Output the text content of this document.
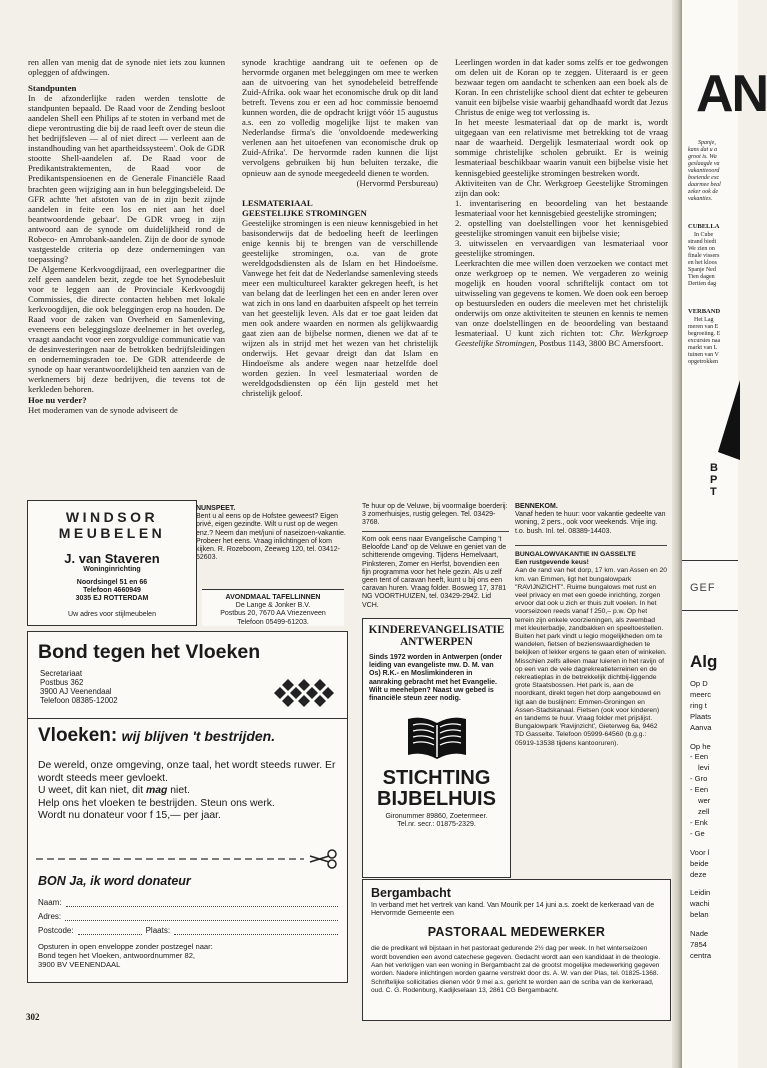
ren allen van menig dat de synode niet iets zou kunnen opleggen of afdwingen.

Standpunten

In de afzonderlijke raden werden tenslotte de standpunten bepaald. De Raad voor de Zending besloot aandelen Shell een Philips af te stoten in verband met de diepe verontrusting die bij de raad leeft over de steun die het bedrijfsleven — al of niet direct — verleent aan de instandhouding van het apartheidssysteem'. Ook de GDR stootte Shell-aandelen af. De Raad voor de Predikantstraktementen, de Raad voor de Predikantspensioenen en de Generale Financiële Raad brachten geen wijziging aan in hun beleggingsbeleid. De GFR achtte 'het afstoten van de in zijn bezit zijnde aandelen in feite een los en niet aan het doel beantwoordende gebaar'. De GDR vroeg in zijn antwoord aan de synode om duidelijkheid rond de Robeco- en Amrobank-aandelen. Zijn de door de synode vastgestelde criteria op deze ondernemingen van toepassing?

De Algemene Kerkvoogdijraad, een overlegpartner die zelf geen aandelen bezit, zegde toe het Synodebesluit voor te leggen aan de Provinciale Kerkvoogdij Commissies, die directe contacten hebben met lokale kerkvoogdijen, die ook beleggingen erop na houden. De Raad voor de zaken van Overheid en Samenleving, eveneens een beleggingsloze deelnemer in het overleg, vraagt aandacht voor een zorgvuldige communicatie van de desinvesteringen naar de betrokken bedrijfsleidingen en ondernemingsraden toe. De GDR attendeerde de synode op haar verantwoordelijkheid ten aanzien van de werknemers bij deze bedrijven, die tevens tot de kerkleden behoren.

Hoe nu verder?

Het moderamen van de synode adviseert de

synode krachtige aandrang uit te oefenen op de hervormde organen met beleggingen om mee te werken aan de uitvoering van het synodebeleid betreffende Zuid-Afrika. ook waar het economische druk op dit land betreft. Tevens zou er een ad hoc commissie benoemd kunnen worden, die de opdracht krijgt vóór 15 augustus a.s. een zo volledig mogelijke lijst te maken van Nederlandse firma's die 'onvoldoende medewerking verlenen aan het uitoefenen van economische druk op Zuid-Afrika'. De hervormde raden kunnen die lijst vervolgens gebruiken bij hun beluiten terzake, die opnieuw aan de synode meegedeeld dienen te worden.

(Hervormd Persbureau)

LESMATERIAAL
GEESTELIJKE STROMINGEN

Geestelijke stromingen is een nieuw kennisgebied in het basisonderwijs dat de bedoeling heeft de leerlingen enige kennis bij te brengen van de verschillende geestelijke stromingen, o.a. van de grote wereldgodsdiensten als de Islam en het Hindoeïsme. Vanwege het feit dat de Nederlandse samenleving steeds meer een multicultureel karakter gekregen heeft, is het van belang dat de leerlingen het een en ander leren over wat zich in ons land en daarbuiten afspeelt op het terrein van het geestelijk leven. Als dat er toe gaat leiden dat men ook andere waarden en normen als gelijkwaardig gaat zien aan de bijbelse normen, dienen we dat af te wijzen als in strijd met het wezen van het christelijk onderwijs. Het gevaar dreigt dan dat Islam en Hindoeïsme als andere wegen naar hetzelfde doel worden gezien. In veel lesmateriaal worden de wereldgodsdiensten op één lijn gesteld met het christelijk geloof.

Leerlingen worden in dat kader soms zelfs er toe gedwongen om delen uit de Koran op te zeggen. Uiteraard is er geen bezwaar tegen om aandacht te schenken aan een boek als de Koran. In een christelijke school dient dat echter te gebeuren vanuit een bijbelse visie waarbij gehandhaafd wordt dat Jezus Christus de enige weg tot verlossing is.

In het meeste lesmateriaal dat op de markt is, wordt uitgegaan van een relativisme met betrekking tot de vraag naar de waarheid. Dergelijk lesmateriaal wordt ook op sommige christelijke scholen gebruikt. Er is weinig lesmateriaal beschikbaar waarin vanuit een bijbelse visie het kennisgebied geestelijke stromingen bestreken wordt.

Aktiviteiten van de Chr. Werkgroep Geestelijke Stromingen zijn dan ook:

1. inventarisering en beoordeling van het bestaande lesmateriaal voor het kennisgebied geestelijke stromingen;

2. opstelling van doelstellingen voor het kennisgebied geestelijke stromingen vanuit een bijbelse visie;

3. uitwisselen en vervaardigen van lesmateriaal voor geestelijke stromingen.

Leerkrachten die mee willen doen verzoeken we contact met onze werkgroep op te nemen. We vergaderen zo weinig mogelijk en houden vooral schriftelijk contact om tot uitwisseling van gegevens te komen. We doen ook een beroep op bestuursleden en ouders die meeleven met het christelijk onderwijs om onze aktiviteiten te steunen en kennis te nemen van onze doelstellingen en de beoordeling van bestaand lesmateriaal. U kunt zich richten tot: Chr. Werkgroep Geestelijke Stromingen, Postbus 1143, 3800 BC Amersfoort.

WINDSOR
MEUBELEN
J. van Staveren
Woninginrichting
Noordsingel 51 en 66
Telefoon 4660949
3035 EJ ROTTERDAM
Uw adres voor stijlmeubelen
NUNSPEET.
Bent u al eens op de Hofstee geweest? Eigen privé, eigen gezindte. Wilt u rust op de wegen enz.? Neem dan met/juni of naseizoen-vakantie. Probeer het eens. Vraag inlichtingen of kom kijken. R. Rozeboom, Zeeweg 120, tel. 03412-52603.
AVONDMAAL TAFELLINNEN
De Lange & Jonker B.V.
Postbus 20, 7670 AA Vriezenveen
Telefoon 05499-61203.
Bond tegen het Vloeken
Secretariaat
Postbus 362
3900 AJ Veenendaal
Telefoon 08385-12002
Vloeken: wij blijven 't bestrijden.
De wereld, onze omgeving, onze taal, het wordt steeds ruwer. Er wordt steeds meer gevloekt.
U weet, dit kan niet, dit mag niet.
Help ons het vloeken te bestrijden. Steun ons werk.
Wordt nu donateur voor f 15,— per jaar.
BON Ja, ik word donateur
Naam:
Adres:
Postcode:	Plaats:
Opsturen in open enveloppe zonder postzegel naar:
Bond tegen het Vloeken, antwoordnummer 82,
3900 BV VEENENDAAL
Te huur op de Veluwe, bij voormalige boerderij: 3 zomerhuisjes, rustig gelegen. Tel. 03429-3768.
Kom ook eens naar Evangelische Camping 't Beloofde Land' op de Veluwe en geniet van de schitterende omgeving. Tijdens Hemelvaart, Pinksteren, Zomer en Herfst, bovendien een fijn programma voor het hele gezin. Als u zelf geen tent of caravan heeft, kunt u bij ons een caravan huren. Vraag folder. Bosweg 17, 3781 NG VOORTHUIZEN, tel. 03429-2942. Lid VCH.
KINDEREVANGELISATIE
ANTWERPEN
Sinds 1972 worden in Antwerpen (onder leiding van evangeliste mw. D. M. van Os) R.K.- en Moslimkinderen in aanraking gebracht met het Evangelie. Wilt u meehelpen? Naast uw gebed is financiële steun zeer nodig.
STICHTING
BIJBELHUIS
Gironummer 89860, Zoetermeer.
Tel.nr. secr.: 01875-2329.
BENNEKOM.
Vanaf heden te huur: voor vakantie gedeelte van woning, 2 pers., ook voor weekends. Vrije ing. t.o. bush. Inl. tel. 08389-14403.
BUNGALOWVAKANTIE IN GASSELTE
Een rustgevende keus!
Aan de rand van het dorp, 17 km. van Assen en 20 km. van Emmen, ligt het bungalowpark "RAVIJNZICHT". Ruime bungalows met rust en veel privacy en met een goede inrichting, zorgen ervoor dat ook u zich er thuis zult voelen. In het voorseizoen reeds vanaf f 250,– p.w. Op het terrein zijn enkele voorzieningen, als zwembad met kleuterbadje, zandbakken en speeltoestellen. Buiten het park vindt u legio mogelijkheden om te wandelen, fietsen of bezienswaardigheden te bekijken of lekker ergens te gaan eten of winkelen. Misschien zelfs alleen maar luieren in het ravijn of op een van de vele dagrekreatieterreinen en de rekreatieplas in de betrekkelijk dichtbij-liggende grote Staatsbossen. Het park is, aan de noordkant, direkt tegen het dorp aangebouwd en ligt aan de buslijnen: Emmen-Groningen en Assen-Stadskanaal. Fietsen (ook voor kinderen) en tandems te huur. Vraag folder met prijslijst. Bungalowpark 'Ravijnzicht', Gieterweg 6a, 9462 TD Gasselte. Telefoon 05999-64560 (b.g.g.: 05919-13538 tijdens kantooruren).
Bergambacht
In verband met het vertrek van kand. Van Mourik per 14 juni a.s. zoekt de kerkeraad van de Hervormde Gemeente een
PASTORAAL MEDEWERKER
die de predikant wil bijstaan in het pastoraat gedurende 2½ dag per week. In het winterseizoen wordt bovendien een avond catechese gegeven. Gedacht wordt aan een kandidaat in de theologie. Aan het verkrijgen van een woning in Bergambacht zal de grootst mogelijke medewerking gegeven worden. Nadere inlichtingen worden gaarne verstrekt door ds. A. W. van der Plas, tel. 01825-1368. Schriftelijke sollicitaties dienen vóór 9 mei a.s. gericht te worden aan de scriba van de kerkeraad, oud. C. G. Rodenburg, Kadijkselaan 13, 2861 CG Bergambacht.
302
AN
Spanje,
kans dat u a
groot is. Wa
geslaagde va
vakantieoord
boeiende exc
daarmee beal
zeker ook de
vakanties.
CUBELLA
In Cube
strand biedt
We zien on
finale vissers
en het kloos
Spanje Ned
Tien dagen
Dertien dag
VERBAND
Het Lag
meren van E
begroeiing. E
excursies naa
markt van L
tuinen van V
opgetrokken
B
P
T
GEF
Alg
Op D
meerc
ring t
Plaats
Aanva
Op he
- Een
levi
- Gro
- Een
wer
zell
- Enk
- Ge
Voor l
beide
deze
Leidin
wachi
belan
Nade
7854
centra
